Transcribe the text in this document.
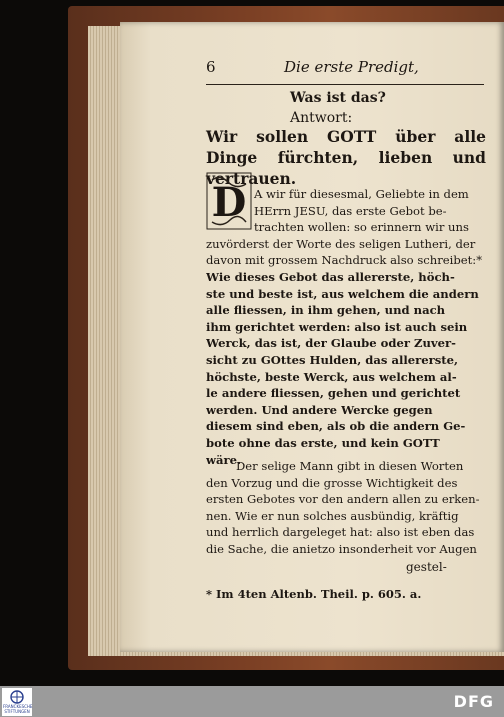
6	Die erste Predigt,
Was ist das?
Antwort:
Wir sollen GOTT über alle Dinge fürchten, lieben und vertrauen.
D A wir für diesesmal, Geliebte in dem
HErrn JESU, das erste Gebot be-
trachten wollen: so erinnern wir uns
zuvörderst der Worte des seligen Lutheri, der
davon mit grossem Nachdruck also schreibet:*
Wie dieses Gebot das allererste, höch-
ste und beste ist, aus welchem die andern
alle fliessen, in ihm gehen, und nach
ihm gerichtet werden: also ist auch sein
Werck, das ist, der Glaube oder Zuver-
sicht zu GOttes Hulden, das allererste,
höchste, beste Werck, aus welchem al-
le andere fliessen, gehen und gerichtet
werden. Und andere Wercke gegen
diesem sind eben, als ob die andern Ge-
bote ohne das erste, und kein GOTT
wäre.
Der selige Mann gibt in diesen Worten
den Vorzug und die grosse Wichtigkeit des
ersten Gebotes vor den andern allen zu erken-
nen. Wie er nun solches ausbündig, kräftig
und herrlich dargeleget hat: also ist eben das
die Sache, die anietzo insonderheit vor Augen
gestel-
* Im 4ten Altenb. Theil. p. 605. a.
FRANCKESCHE STIFTUNGEN	DFG
